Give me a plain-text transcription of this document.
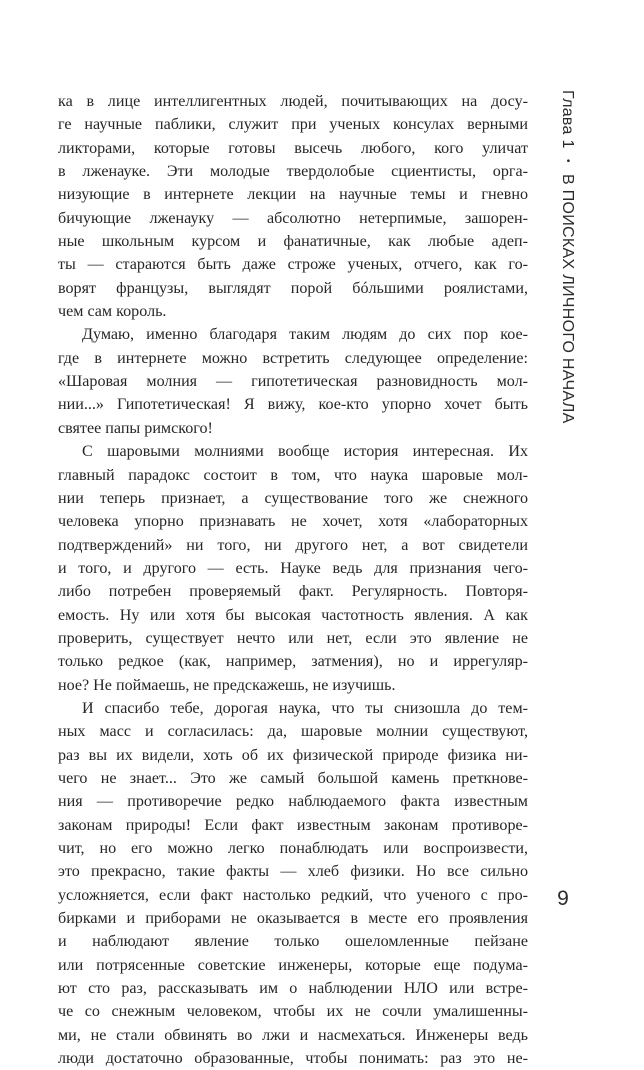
ка в лице интеллигентных людей, почитывающих на досу-
ге научные паблики, служит при ученых консулах верными
ликторами, которые готовы высечь любого, кого уличат
в лженауке. Эти молодые твердолобые сциентисты, орга-
низующие в интернете лекции на научные темы и гневно
бичующие лженауку — абсолютно нетерпимые, зашорен-
ные школьным курсом и фанатичные, как любые адеп-
ты — стараются быть даже строже ученых, отчего, как го-
ворят французы, выглядят порой бóльшими роялистами,
чем сам король.
Думаю, именно благодаря таким людям до сих пор кое-
где в интернете можно встретить следующее определение:
«Шаровая молния — гипотетическая разновидность мол-
нии...» Гипотетическая! Я вижу, кое-кто упорно хочет быть
святее папы римского!
С шаровыми молниями вообще история интересная. Их
главный парадокс состоит в том, что наука шаровые мол-
нии теперь признает, а существование того же снежного
человека упорно признавать не хочет, хотя «лабораторных
подтверждений» ни того, ни другого нет, а вот свидетели
и того, и другого — есть. Науке ведь для признания чего-
либо потребен проверяемый факт. Регулярность. Повторя-
емость. Ну или хотя бы высокая частотность явления. А как
проверить, существует нечто или нет, если это явление не
только редкое (как, например, затмения), но и иррегуляр-
ное? Не поймаешь, не предскажешь, не изучишь.
И спасибо тебе, дорогая наука, что ты снизошла до тем-
ных масс и согласилась: да, шаровые молнии существуют,
раз вы их видели, хоть об их физической природе физика ни-
чего не знает... Это же самый большой камень преткнове-
ния — противоречие редко наблюдаемого факта известным
законам природы! Если факт известным законам противоре-
чит, но его можно легко понаблюдать или воспроизвести,
это прекрасно, такие факты — хлеб физики. Но все сильно
усложняется, если факт настолько редкий, что ученого с про-
бирками и приборами не оказывается в месте его проявления
и наблюдают явление только ошеломленные пейзане
или потрясенные советские инженеры, которые еще подума-
ют сто раз, рассказывать им о наблюдении НЛО или встре-
че со снежным человеком, чтобы их не сочли умалишенны-
ми, не стали обвинять во лжи и насмехаться. Инженеры ведь
люди достаточно образованные, чтобы понимать: раз это не-
Глава 1 • В ПОИСКАХ ЛИЧНОГО НАЧАЛА
9
